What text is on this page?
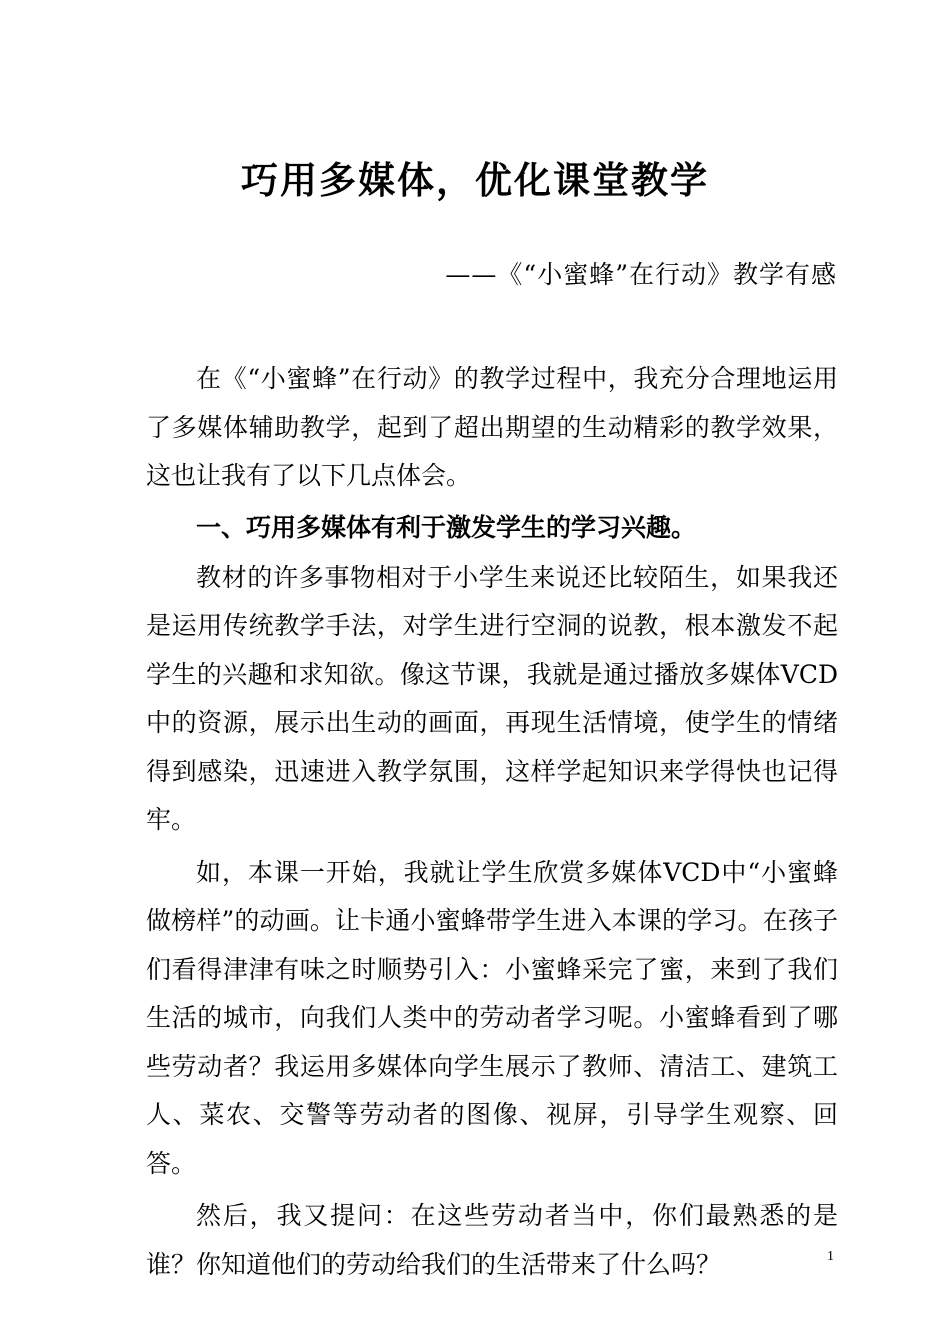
巧用多媒体，优化课堂教学
——《“小蜜蜂”在行动》教学有感

在《“小蜜蜂”在行动》的教学过程中，我充分合理地运用了多媒体辅助教学，起到了超出期望的生动精彩的教学效果，这也让我有了以下几点体会。

一、巧用多媒体有利于激发学生的学习兴趣。

教材的许多事物相对于小学生来说还比较陌生，如果我还是运用传统教学手法，对学生进行空洞的说教，根本激发不起学生的兴趣和求知欲。像这节课，我就是通过播放多媒体VCD中的资源，展示出生动的画面，再现生活情境，使学生的情绪得到感染，迅速进入教学氛围，这样学起知识来学得快也记得牢。

如，本课一开始，我就让学生欣赏多媒体VCD中“小蜜蜂做榜样”的动画。让卡通小蜜蜂带学生进入本课的学习。在孩子们看得津津有味之时顺势引入：小蜜蜂采完了蜜，来到了我们生活的城市，向我们人类中的劳动者学习呢。小蜜蜂看到了哪些劳动者？我运用多媒体向学生展示了教师、清洁工、建筑工人、菜农、交警等劳动者的图像、视屏，引导学生观察、回答。

然后，我又提问：在这些劳动者当中，你们最熟悉的是谁？你知道他们的劳动给我们的生活带来了什么吗？	1
